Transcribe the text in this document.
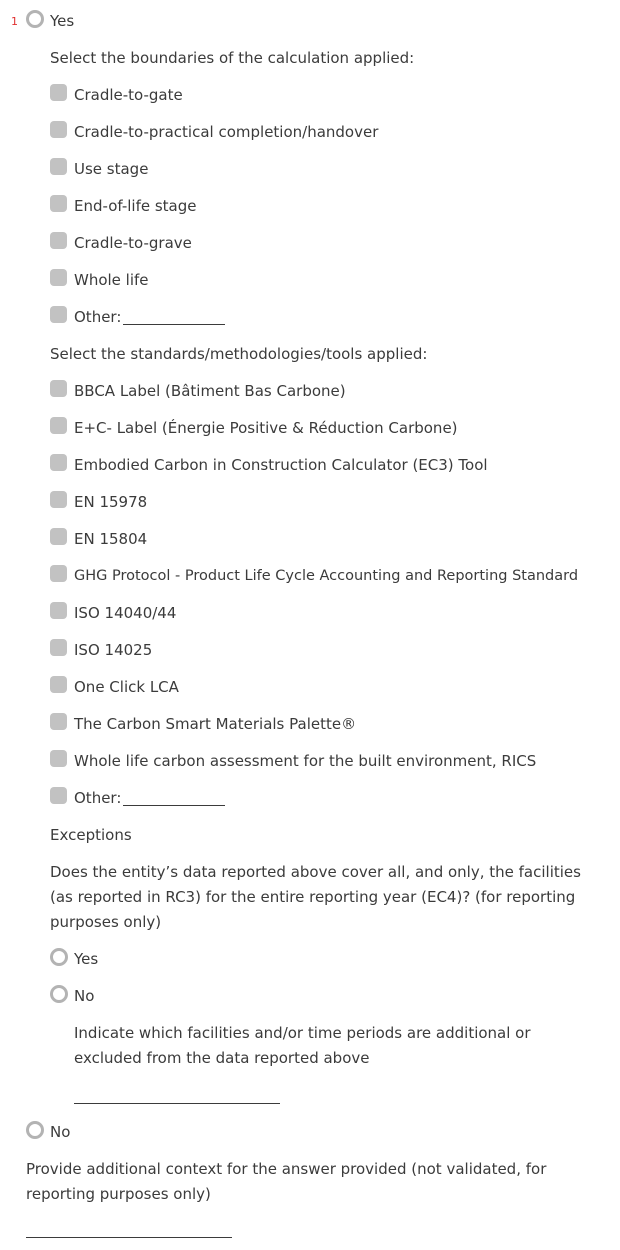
1 Yes
Select the boundaries of the calculation applied:
Cradle-to-gate
Cradle-to-practical completion/handover
Use stage
End-of-life stage
Cradle-to-grave
Whole life
Other:
Select the standards/methodologies/tools applied:
BBCA Label (Bâtiment Bas Carbone)
E+C- Label (Énergie Positive & Réduction Carbone)
Embodied Carbon in Construction Calculator (EC3) Tool
EN 15978
EN 15804
GHG Protocol - Product Life Cycle Accounting and Reporting Standard
ISO 14040/44
ISO 14025
One Click LCA
The Carbon Smart Materials Palette®
Whole life carbon assessment for the built environment, RICS
Other:
Exceptions
Does the entity’s data reported above cover all, and only, the facilities (as reported in RC3) for the entire reporting year (EC4)? (for reporting purposes only)
Yes
No
Indicate which facilities and/or time periods are additional or excluded from the data reported above
No
Provide additional context for the answer provided (not validated, for reporting purposes only)
